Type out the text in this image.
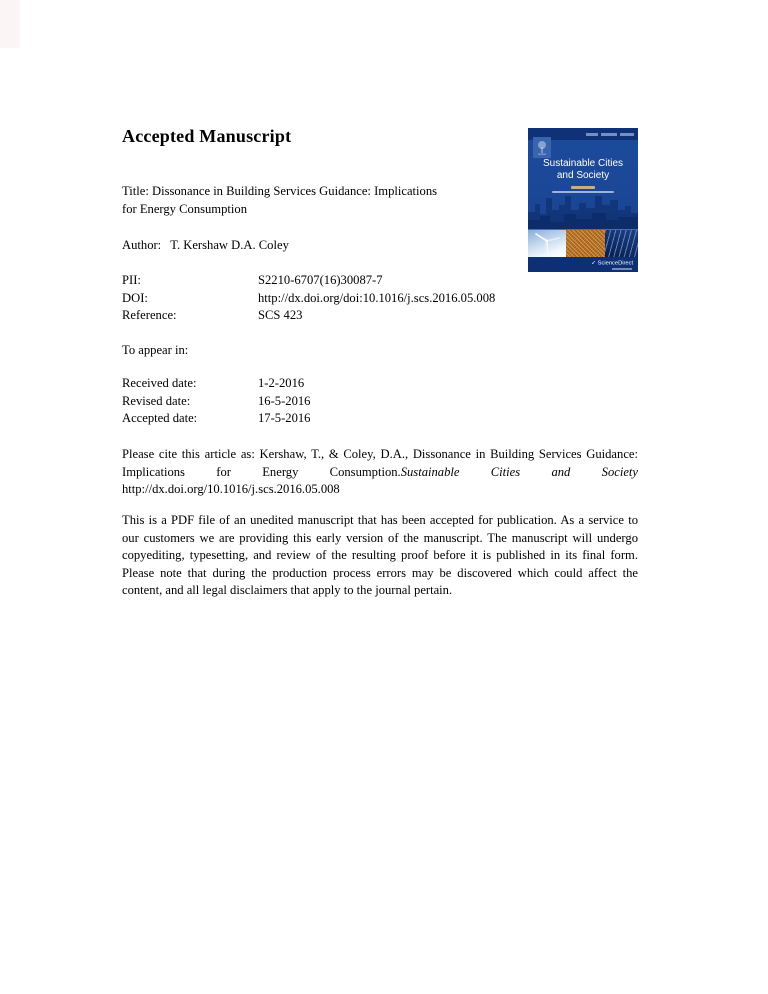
Accepted Manuscript
Sustainable Cities
and Society
✓ ScienceDirect
Title: Dissonance in Building Services Guidance: Implications
for Energy Consumption
Author: T. Kershaw D.A. Coley
PII:	S2210-6707(16)30087-7
DOI:	http://dx.doi.org/doi:10.1016/j.scs.2016.05.008
Reference:	SCS 423
To appear in:
Received date:	1-2-2016
Revised date:	16-5-2016
Accepted date:	17-5-2016
Please cite this article as: Kershaw, T., & Coley, D.A., Dissonance in Building Services Guidance: Implications for Energy Consumption.Sustainable Cities and Society http://dx.doi.org/10.1016/j.scs.2016.05.008
This is a PDF file of an unedited manuscript that has been accepted for publication. As a service to our customers we are providing this early version of the manuscript. The manuscript will undergo copyediting, typesetting, and review of the resulting proof before it is published in its final form. Please note that during the production process errors may be discovered which could affect the content, and all legal disclaimers that apply to the journal pertain.
